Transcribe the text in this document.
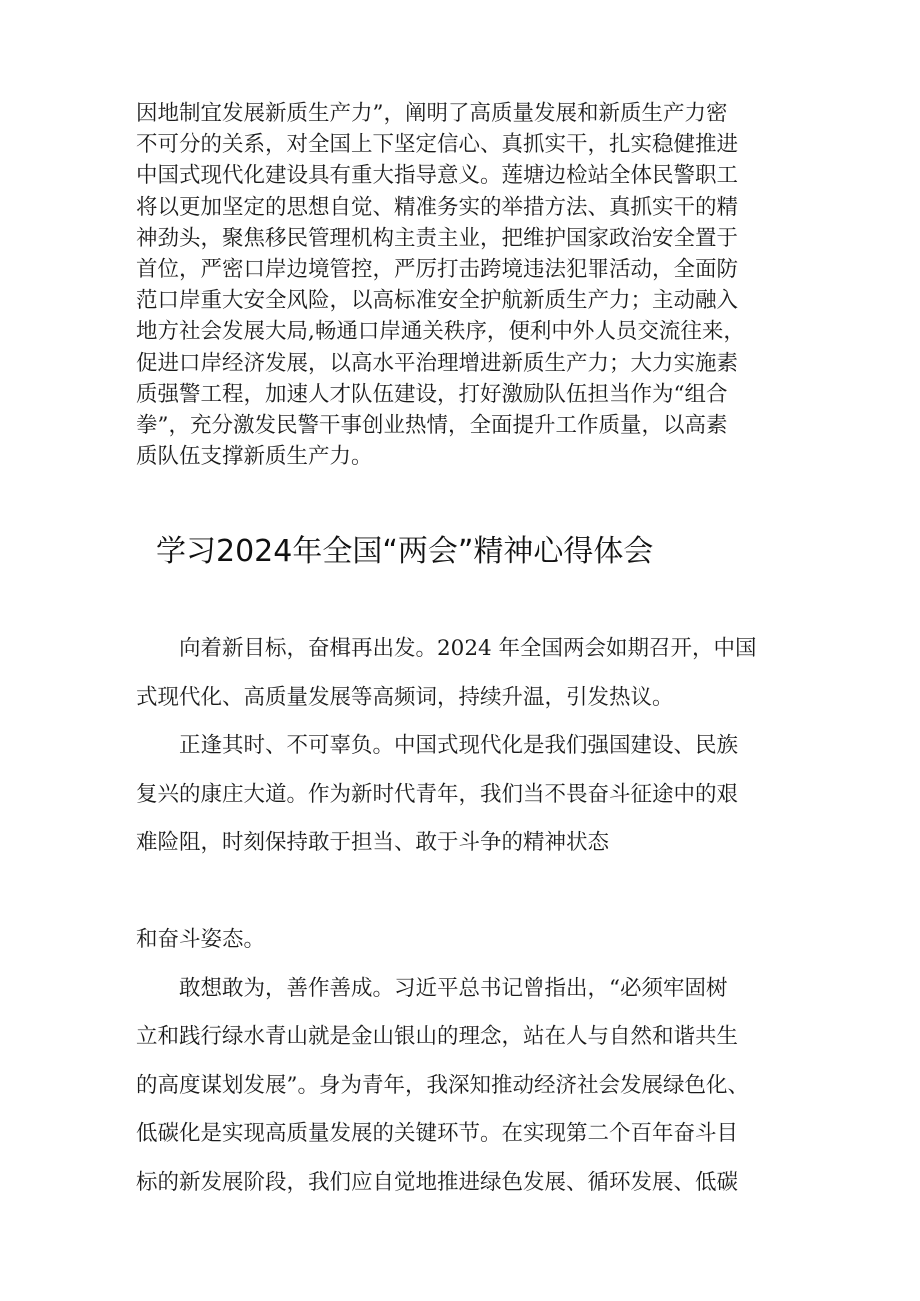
因地制宜发展新质生产力”，阐明了高质量发展和新质生产力密
不可分的关系，对全国上下坚定信心、真抓实干，扎实稳健推进
中国式现代化建设具有重大指导意义。莲塘边检站全体民警职工
将以更加坚定的思想自觉、精准务实的举措方法、真抓实干的精
神劲头，聚焦移民管理机构主责主业，把维护国家政治安全置于
首位，严密口岸边境管控，严厉打击跨境违法犯罪活动，全面防
范口岸重大安全风险，以高标准安全护航新质生产力；主动融入
地方社会发展大局,畅通口岸通关秩序，便利中外人员交流往来，
促进口岸经济发展，以高水平治理增进新质生产力；大力实施素
质强警工程，加速人才队伍建设，打好激励队伍担当作为“组合
拳”，充分激发民警干事创业热情，全面提升工作质量，以高素
质队伍支撑新质生产力。
学习2024年全国“两会”精神心得体会
　　向着新目标，奋楫再出发。2024 年全国两会如期召开，中国
式现代化、高质量发展等高频词，持续升温，引发热议。
　　正逢其时、不可辜负。中国式现代化是我们强国建设、民族
复兴的康庄大道。作为新时代青年，我们当不畏奋斗征途中的艰
难险阻，时刻保持敢于担当、敢于斗争的精神状态
和奋斗姿态。
　　敢想敢为，善作善成。习近平总书记曾指出，“必须牢固树
立和践行绿水青山就是金山银山的理念，站在人与自然和谐共生
的高度谋划发展”。身为青年，我深知推动经济社会发展绿色化、
低碳化是实现高质量发展的关键环节。在实现第二个百年奋斗目
标的新发展阶段，我们应自觉地推进绿色发展、循环发展、低碳
